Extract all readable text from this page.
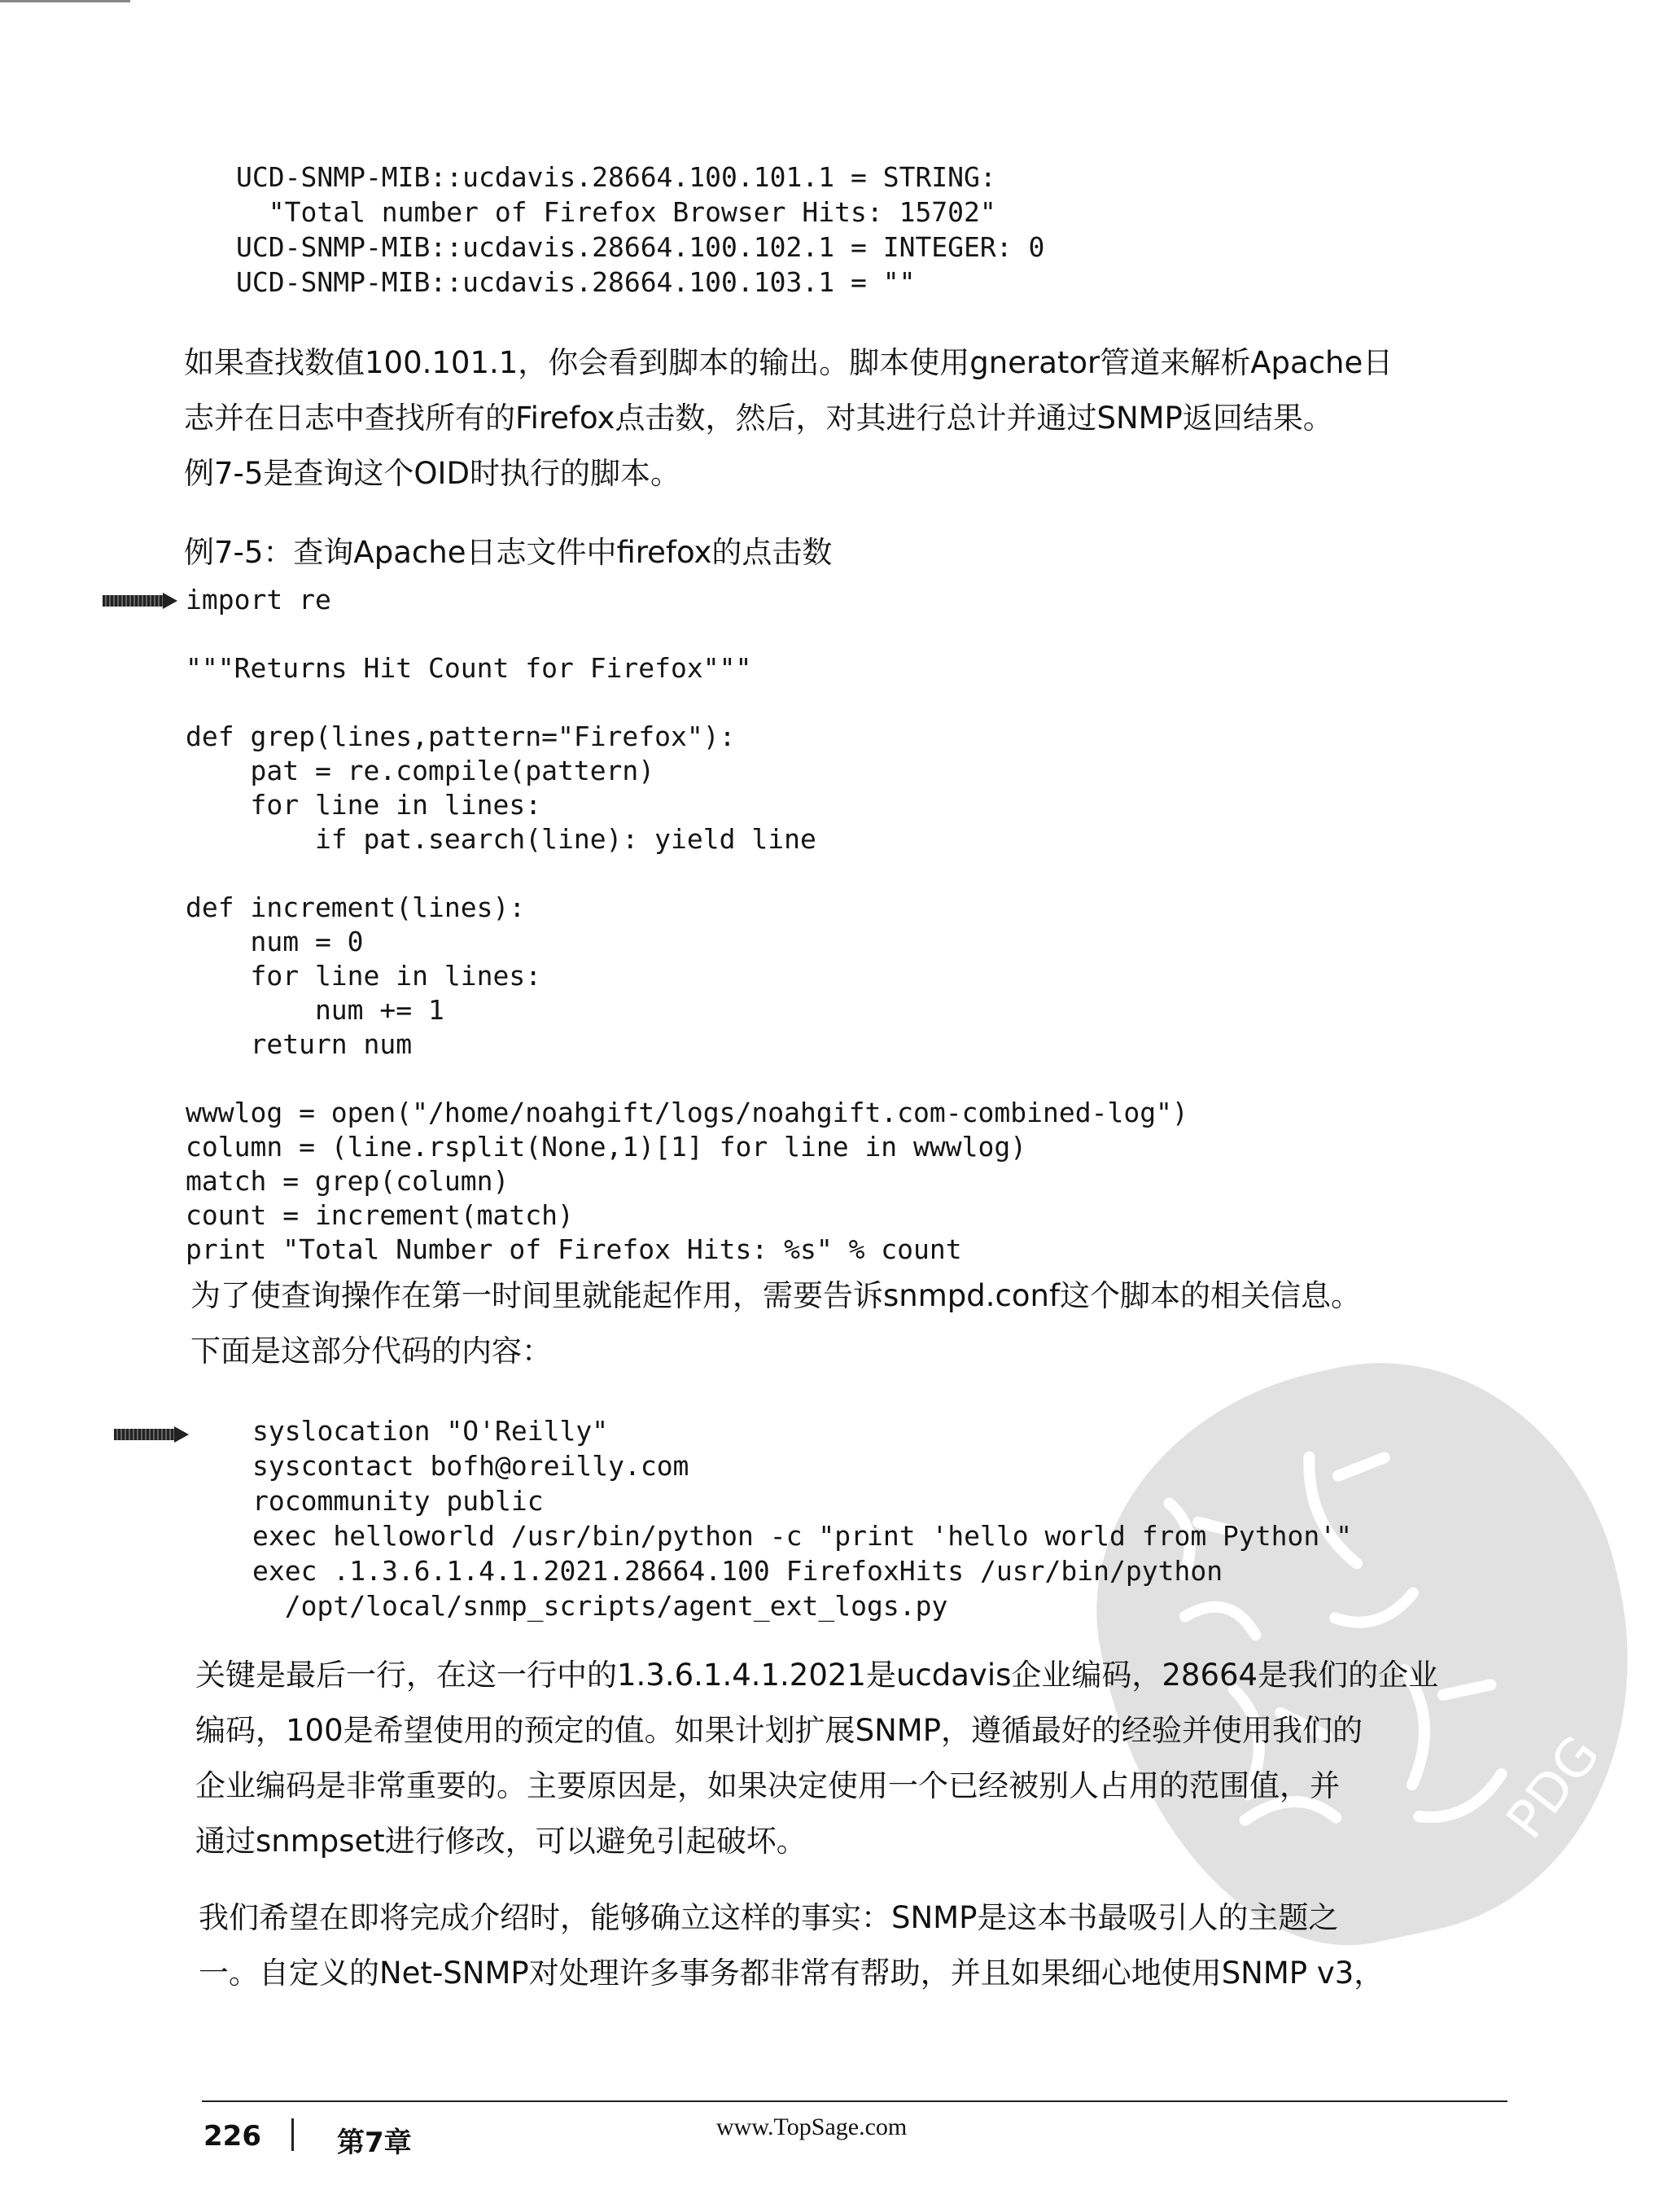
UCD-SNMP-MIB::ucdavis.28664.100.101.1 = STRING:
"Total number of Firefox Browser Hits: 15702"
UCD-SNMP-MIB::ucdavis.28664.100.102.1 = INTEGER: 0
UCD-SNMP-MIB::ucdavis.28664.100.103.1 = ""
如果查找数值100.101.1，你会看到脚本的输出。脚本使用gnerator管道来解析Apache日
志并在日志中查找所有的Firefox点击数，然后，对其进行总计并通过SNMP返回结果。
例7-5是查询这个OID时执行的脚本。
例7-5：查询Apache日志文件中firefox的点击数
import re

"""Returns Hit Count for Firefox"""

def grep(lines,pattern="Firefox"):
pat = re.compile(pattern)
for line in lines:
if pat.search(line): yield line

def increment(lines):
num = 0
for line in lines:
num += 1
return num

wwwlog = open("/home/noahgift/logs/noahgift.com-combined-log")
column = (line.rsplit(None,1)[1] for line in wwwlog)
match = grep(column)
count = increment(match)
print "Total Number of Firefox Hits: %s" % count
为了使查询操作在第一时间里就能起作用，需要告诉snmpd.conf这个脚本的相关信息。
下面是这部分代码的内容：
PDG
syslocation "O'Reilly"
syscontact bofh@oreilly.com
rocommunity public
exec helloworld /usr/bin/python -c "print 'hello world from Python'"
exec .1.3.6.1.4.1.2021.28664.100 FirefoxHits /usr/bin/python
/opt/local/snmp_scripts/agent_ext_logs.py
关键是最后一行，在这一行中的1.3.6.1.4.1.2021是ucdavis企业编码，28664是我们的企业
编码，100是希望使用的预定的值。如果计划扩展SNMP，遵循最好的经验并使用我们的
企业编码是非常重要的。主要原因是，如果决定使用一个已经被别人占用的范围值，并
通过snmpset进行修改，可以避免引起破坏。
我们希望在即将完成介绍时，能够确立这样的事实：SNMP是这本书最吸引人的主题之
一。自定义的Net-SNMP对处理许多事务都非常有帮助，并且如果细心地使用SNMP v3，
226	第7章	www.TopSage.com
